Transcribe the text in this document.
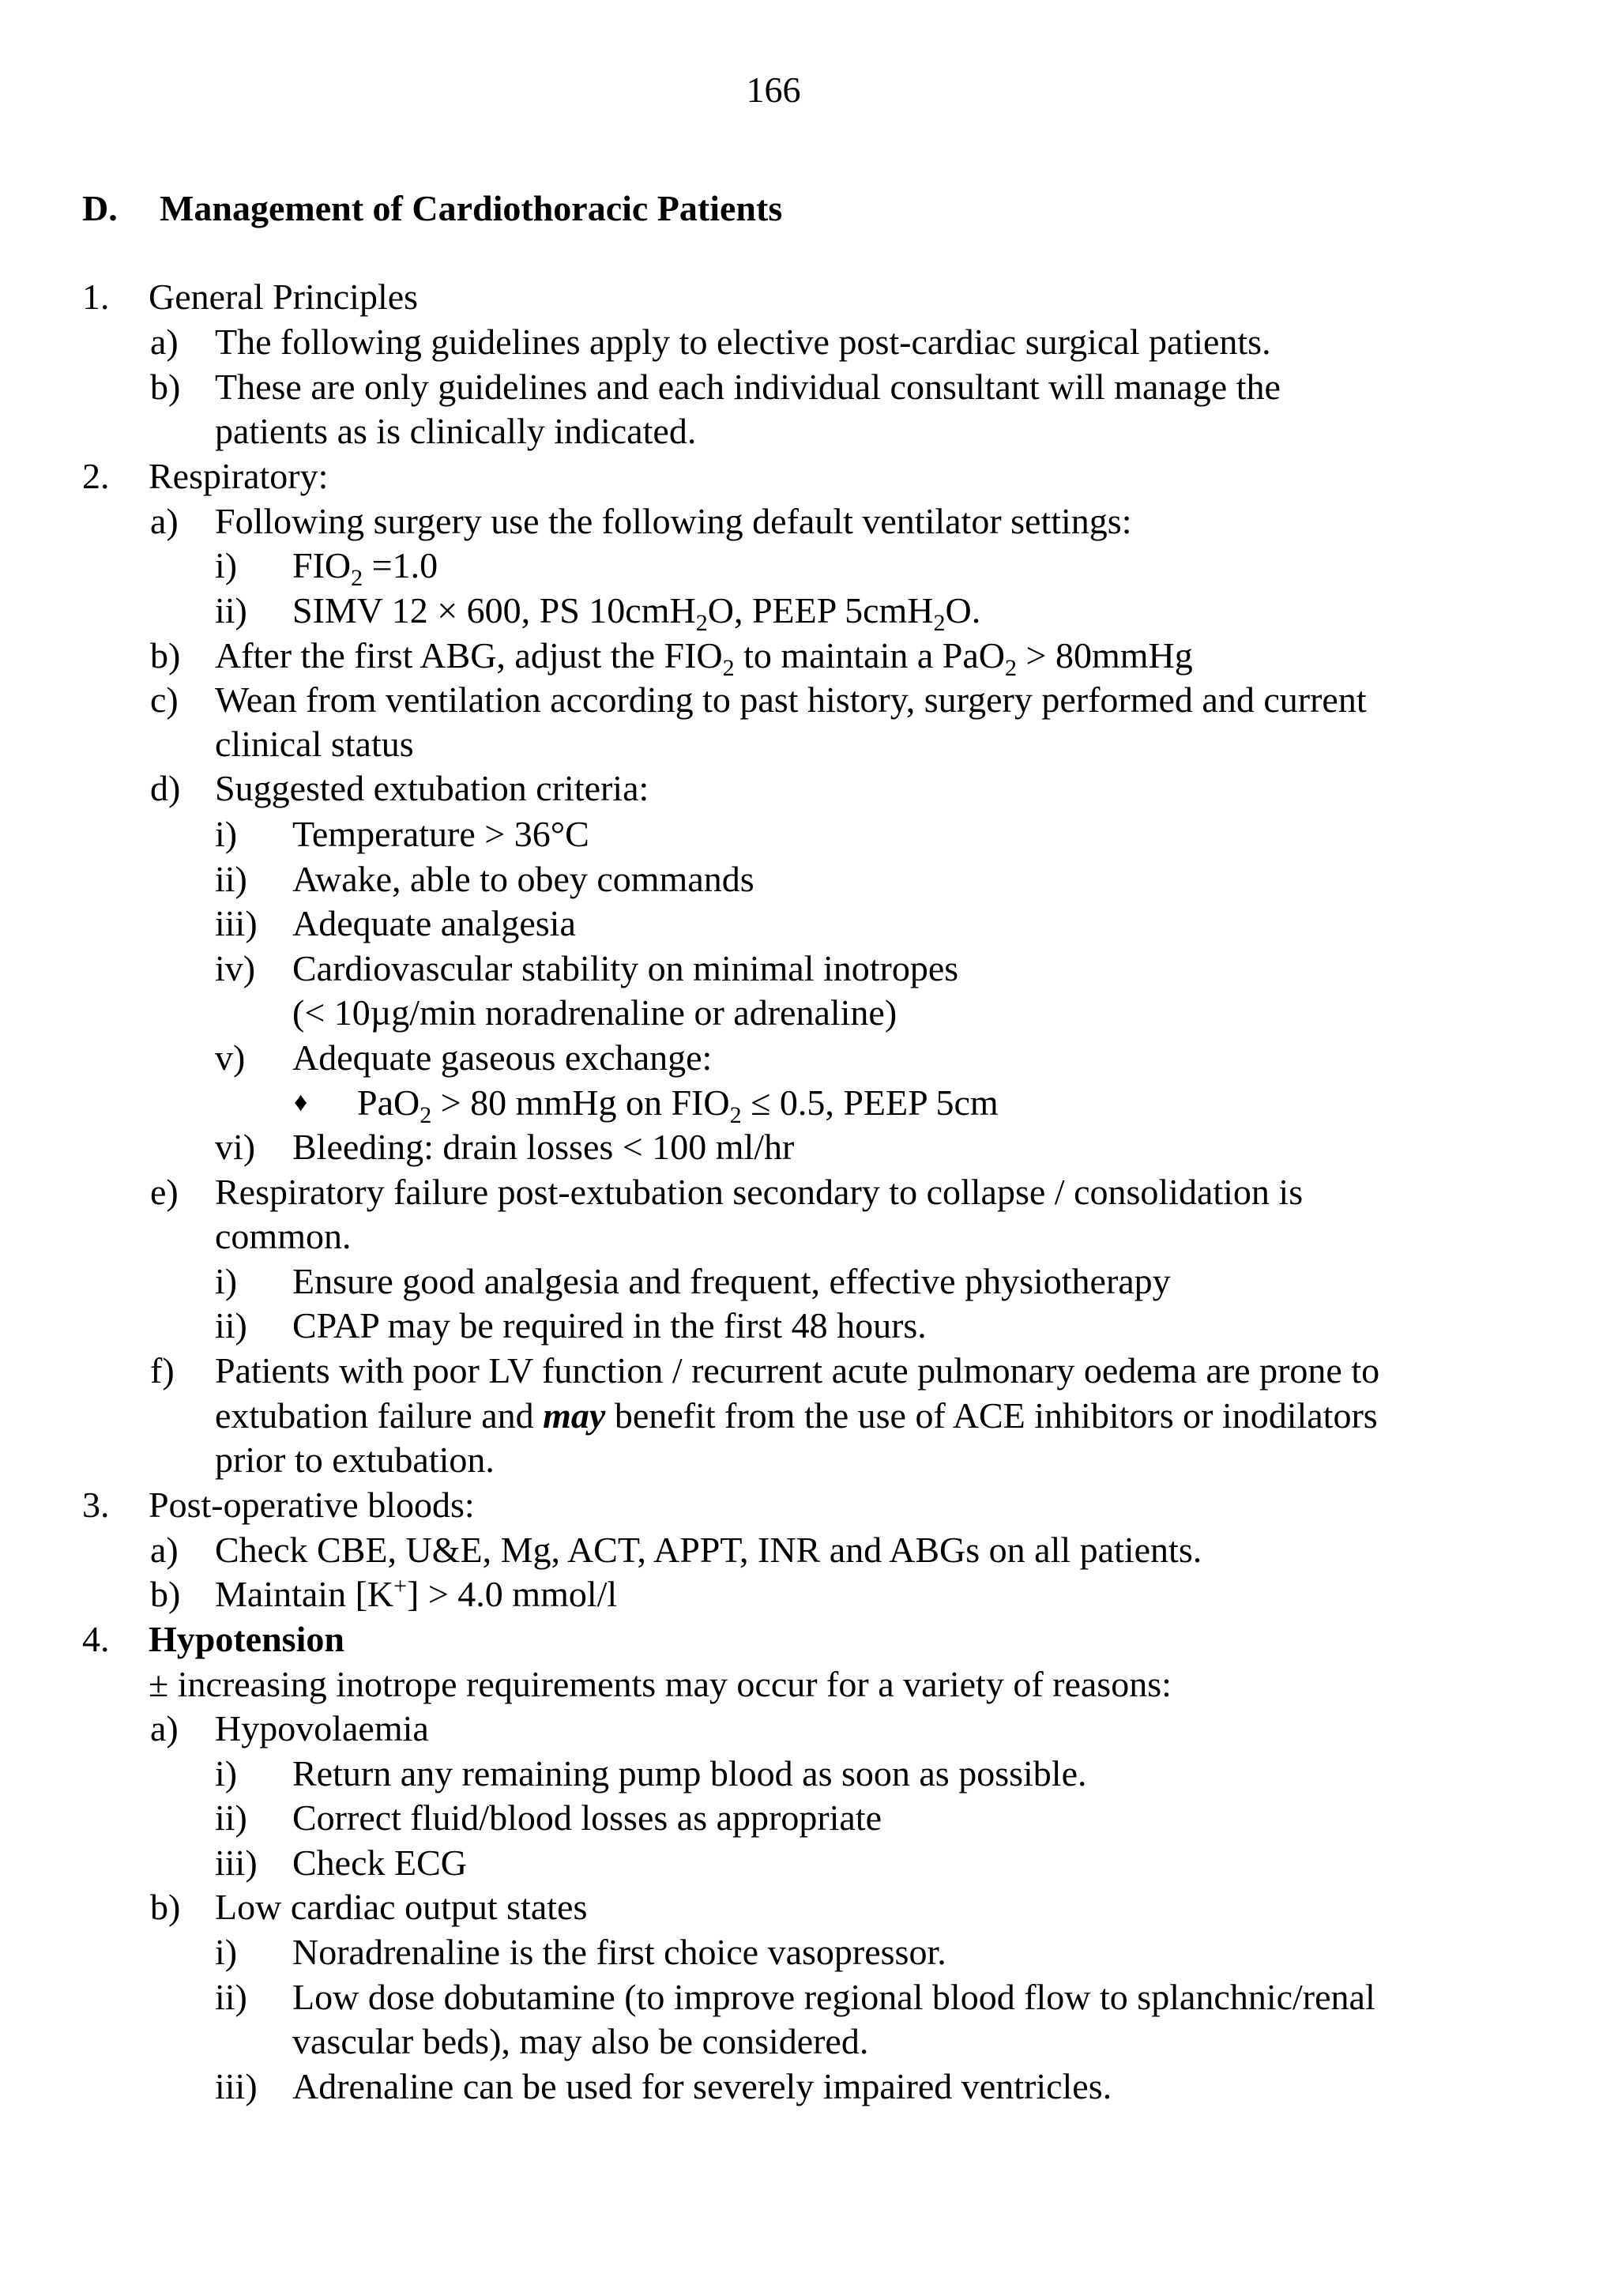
166
D. Management of Cardiothoracic Patients
1. General Principles
a) The following guidelines apply to elective post-cardiac surgical patients.
b) These are only guidelines and each individual consultant will manage the
patients as is clinically indicated.
2. Respiratory:
a) Following surgery use the following default ventilator settings:
i) $FIO_2 =1.0$
ii) SIMV 12 × 600, PS 10cmH$_2$O, PEEP 5cmH$_2$O.
b) After the first ABG, adjust the $FIO_2$ to maintain a PaO$_2$ > 80mmHg
c) Wean from ventilation according to past history, surgery performed and current
clinical status
d) Suggested extubation criteria:
i) Temperature > 36°C
ii) Awake, able to obey commands
iii) Adequate analgesia
iv) Cardiovascular stability on minimal inotropes
(< 10µg/min noradrenaline or adrenaline)
v) Adequate gaseous exchange:
♦ PaO$_2$ > 80 mmHg on $FIO_2 \le 0.5$, PEEP 5cm
vi) Bleeding: drain losses < 100 ml/hr
e) Respiratory failure post-extubation secondary to collapse / consolidation is
common.
i) Ensure good analgesia and frequent, effective physiotherapy
ii) CPAP may be required in the first 48 hours.
f) Patients with poor LV function / recurrent acute pulmonary oedema are prone to
extubation failure and may benefit from the use of ACE inhibitors or inodilators
prior to extubation.
3. Post-operative bloods:
a) Check CBE, U&E, Mg, ACT, APPT, INR and ABGs on all patients.
b) Maintain [K+] > 4.0 mmol/l
4. Hypotension
± increasing inotrope requirements may occur for a variety of reasons:
a) Hypovolaemia
i) Return any remaining pump blood as soon as possible.
ii) Correct fluid/blood losses as appropriate
iii) Check ECG
b) Low cardiac output states
i) Noradrenaline is the first choice vasopressor.
ii) Low dose dobutamine (to improve regional blood flow to splanchnic/renal
vascular beds), may also be considered.
iii) Adrenaline can be used for severely impaired ventricles.
